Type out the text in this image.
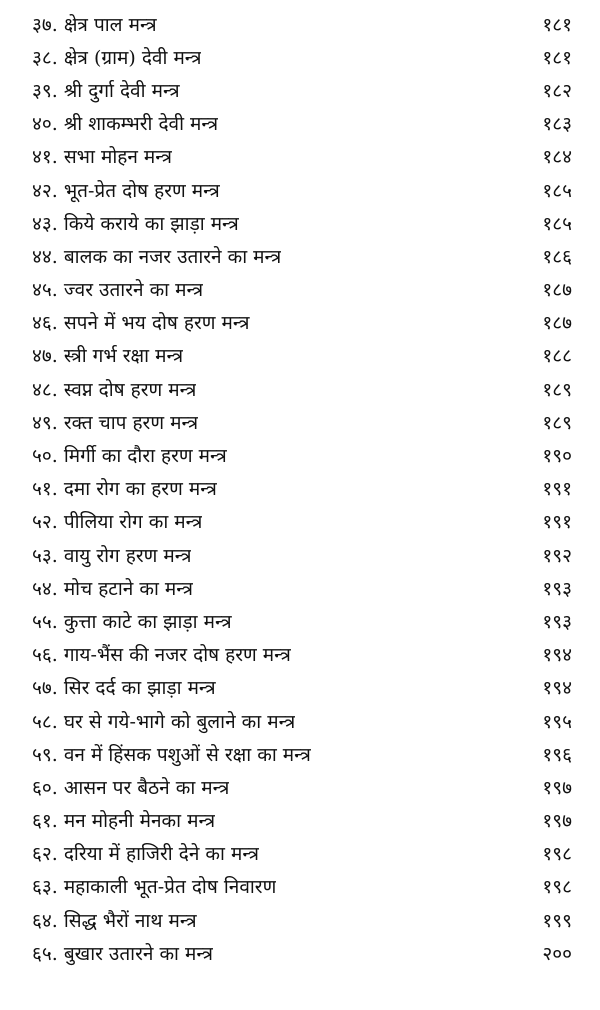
३७. क्षेत्र पाल मन्त्र	१८१
३८. क्षेत्र (ग्राम) देवी मन्त्र	१८१
३९. श्री दुर्गा देवी मन्त्र	१८२
४०. श्री शाकम्भरी देवी मन्त्र	१८३
४१. सभा मोहन मन्त्र	१८४
४२. भूत-प्रेत दोष हरण मन्त्र	१८५
४३. किये कराये का झाड़ा मन्त्र	१८५
४४. बालक का नजर उतारने का मन्त्र	१८६
४५. ज्वर उतारने का मन्त्र	१८७
४६. सपने में भय दोष हरण मन्त्र	१८७
४७. स्त्री गर्भ रक्षा मन्त्र	१८८
४८. स्वप्न दोष हरण मन्त्र	१८९
४९. रक्त चाप हरण मन्त्र	१८९
५०. मिर्गी का दौरा हरण मन्त्र	१९०
५१. दमा रोग का हरण मन्त्र	१९१
५२. पीलिया रोग का मन्त्र	१९१
५३. वायु रोग हरण मन्त्र	१९२
५४. मोच हटाने का मन्त्र	१९३
५५. कुत्ता काटे का झाड़ा मन्त्र	१९३
५६. गाय-भैंस की नजर दोष हरण मन्त्र	१९४
५७. सिर दर्द का झाड़ा मन्त्र	१९४
५८. घर से गये-भागे को बुलाने का मन्त्र	१९५
५९. वन में हिंसक पशुओं से रक्षा का मन्त्र	१९६
६०. आसन पर बैठने का मन्त्र	१९७
६१. मन मोहनी मेनका मन्त्र	१९७
६२. दरिया में हाजिरी देने का मन्त्र	१९८
६३. महाकाली भूत-प्रेत दोष निवारण	१९८
६४. सिद्ध भैरों नाथ मन्त्र	१९९
६५. बुखार उतारने का मन्त्र	२००
